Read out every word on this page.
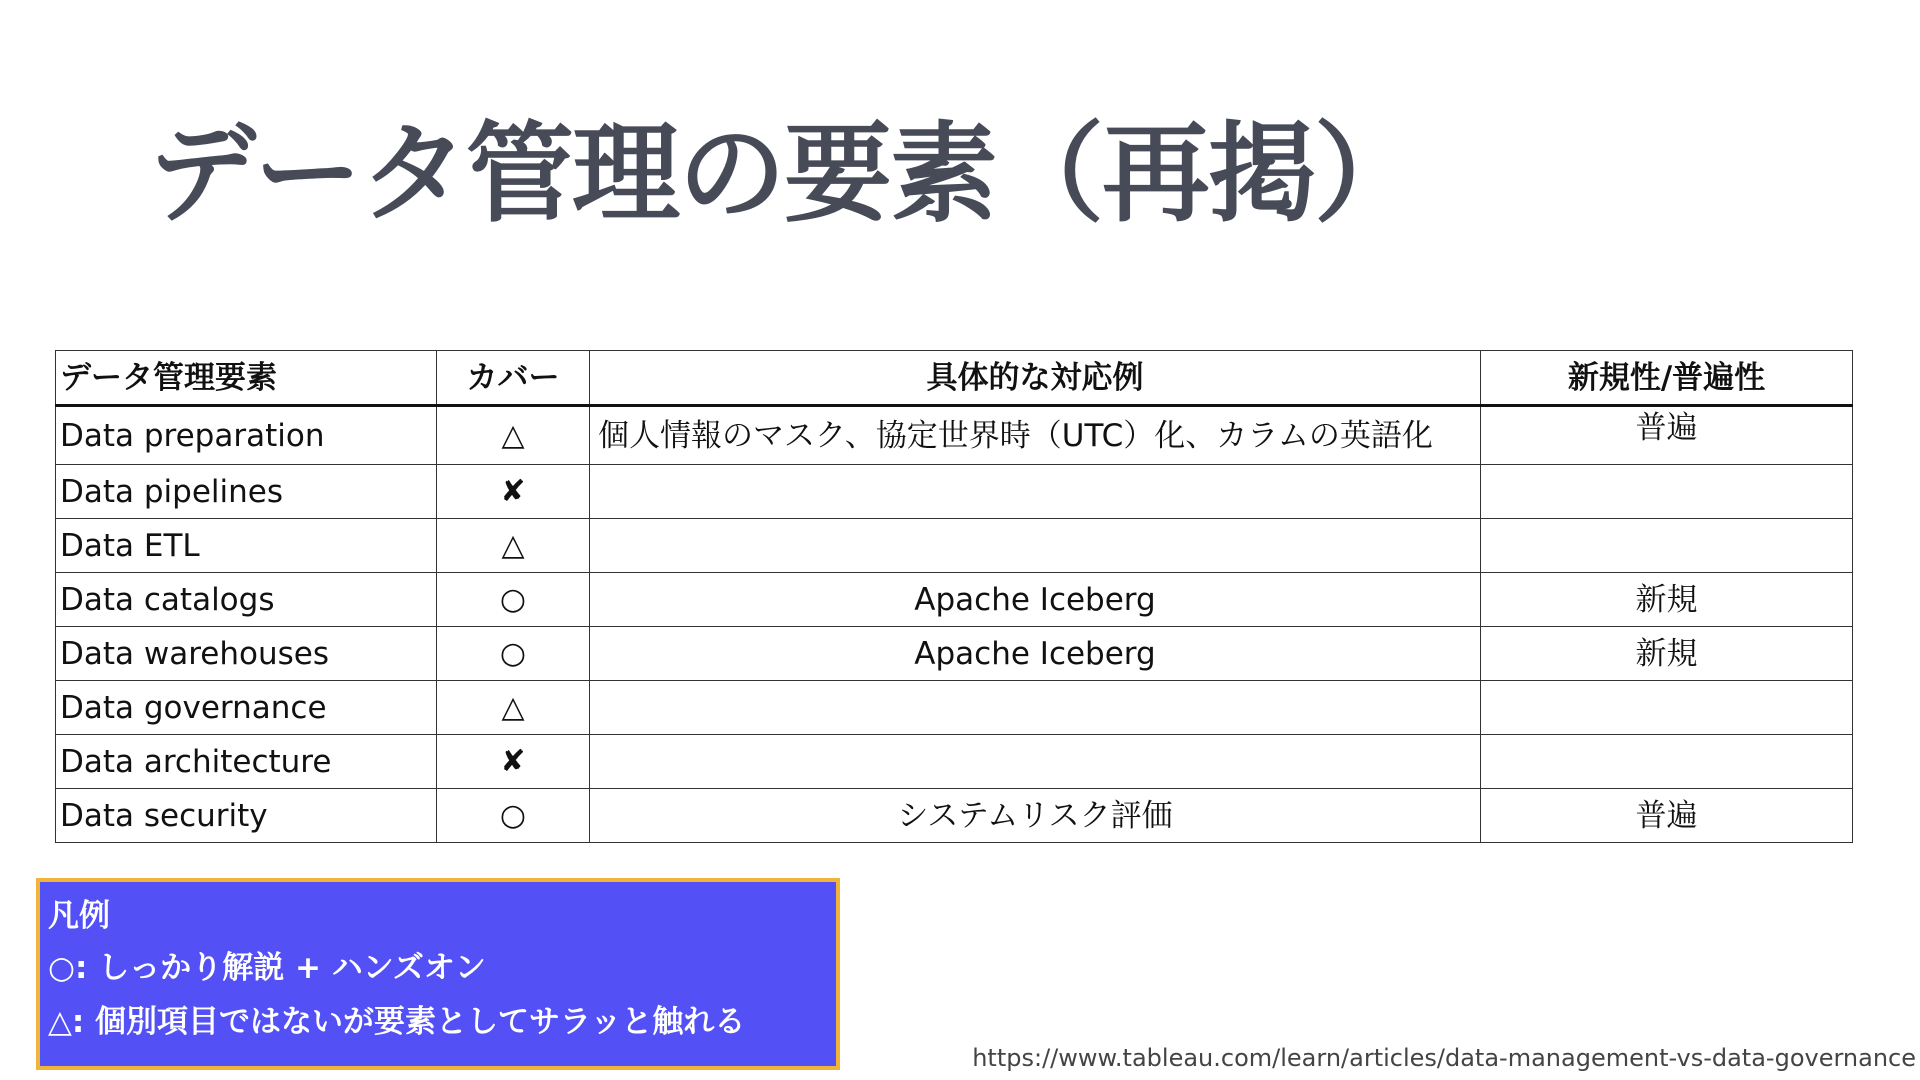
データ管理の要素（再掲）
データ管理要素	カバー	具体的な対応例	新規性/普遍性
Data preparation	△	個人情報のマスク、協定世界時（UTC）化、カラムの英語化	普遍
Data pipelines	✘		
Data ETL	△		
Data catalogs	○	Apache Iceberg	新規
Data warehouses	○	Apache Iceberg	新規
Data governance	△		
Data architecture	✘		
Data security	○	システムリスク評価	普遍
凡例
○: しっかり解説 + ハンズオン
△: 個別項目ではないが要素としてサラッと触れる
https://www.tableau.com/learn/articles/data-management-vs-data-governance
